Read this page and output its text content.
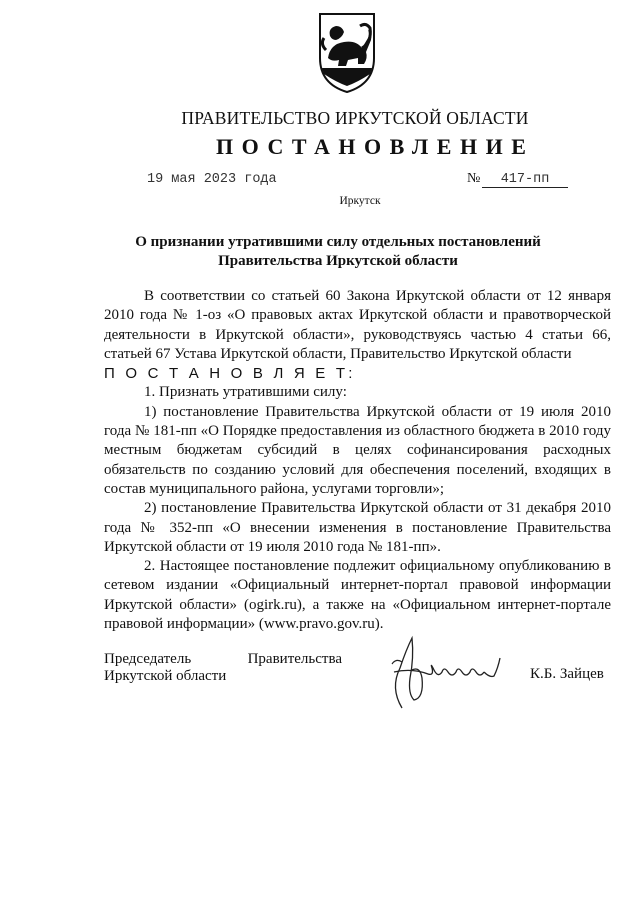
ПРАВИТЕЛЬСТВО ИРКУТСКОЙ ОБЛАСТИ
ПОСТАНОВЛЕНИЕ
19 мая 2023 года	№	417-пп
Иркутск
О признании утратившими силу отдельных постановлений
Правительства Иркутской области

В соответствии со статьей 60 Закона Иркутской области от 12 января 2010 года № 1-оз «О правовых актах Иркутской области и правотворческой деятельности в Иркутской области», руководствуясь частью 4 статьи 66, статьей 67 Устава Иркутской области, Правительство Иркутской области

П О С Т А Н О В Л Я Е Т:

1. Признать утратившими силу:

1) постановление Правительства Иркутской области от 19 июля 2010 года № 181-пп «О Порядке предоставления из областного бюджета в 2010 году местным бюджетам субсидий в целях софинансирования расходных обязательств по созданию условий для обеспечения поселений, входящих в состав муниципального района, услугами торговли»;

2) постановление Правительства Иркутской области от 31 декабря 2010 года № 352-пп «О внесении изменения в постановление Правительства Иркутской области от 19 июля 2010 года № 181-пп».

2. Настоящее постановление подлежит официальному опубликованию в сетевом издании «Официальный интернет-портал правовой информации Иркутской области» (ogirk.ru), а также на «Официальном интернет-портале правовой информации» (www.pravo.gov.ru).

Председатель	Правительства
Иркутской области	К.Б. Зайцев
